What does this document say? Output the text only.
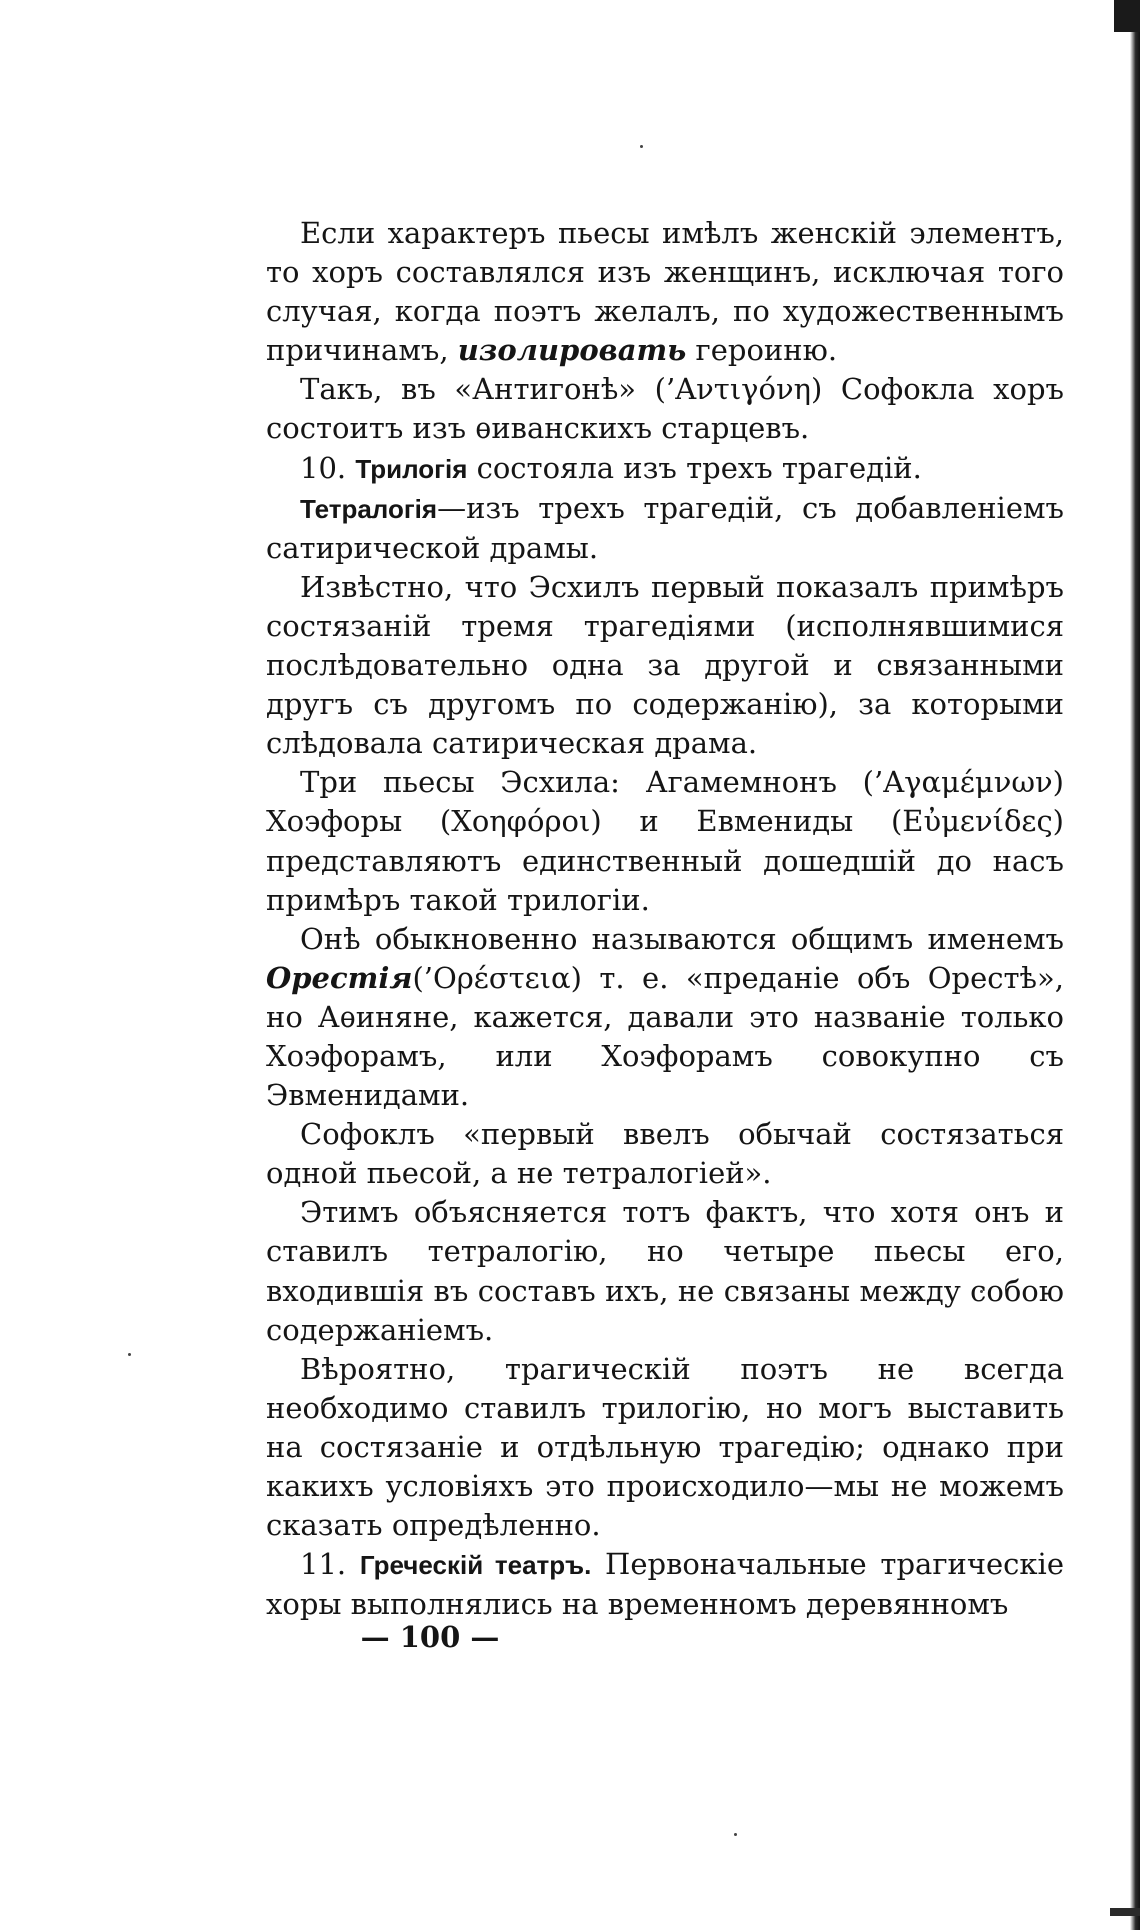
Если характеръ пьесы имѣлъ женскій элементъ, то хоръ составлялся изъ женщинъ, исключая того случая, когда поэтъ желалъ, по художественнымъ причинамъ, изолировать героиню.

Такъ, въ «Антигонѣ» (’Αντιγόνη) Софокла хоръ состоитъ изъ ѳиванскихъ старцевъ.

10. Трилогія состояла изъ трехъ трагедій.

Тетралогія—изъ трехъ трагедій, съ добавленіемъ сатирической драмы.

Извѣстно, что Эсхилъ первый показалъ примѣръ состязаній тремя трагедіями (исполнявшимися послѣдовательно одна за другой и связанными другъ съ другомъ по содержанію), за которыми слѣдовала сатирическая драма.

Три пьесы Эсхила: Агамемнонъ (’Αγαμέμνων) Хоэфоры (Χοηφόροι) и Евмениды (Εὐμενίδες) представляютъ единственный дошедшій до насъ примѣръ такой трилогіи.

Онѣ обыкновенно называются общимъ именемъ Орестія(’Ορέστεια) т. е. «преданіе объ Орестѣ», но Аѳиняне, кажется, давали это названіе только Хоэфорамъ, или Хоэфорамъ совокупно съ Эвменидами.

Софоклъ «первый ввелъ обычай состязаться одной пьесой, а не тетралогіей».

Этимъ объясняется тотъ фактъ, что хотя онъ и ставилъ тетралогію, но четыре пьесы его, входившія въ составъ ихъ, не связаны между собою содержаніемъ.

Вѣроятно, трагическій поэтъ не всегда необходимо ставилъ трилогію, но могъ выставить на состязаніе и отдѣльную трагедію; однако при какихъ условіяхъ это происходило—мы не можемъ сказать опредѣленно.

11. Греческій театръ. Первоначальные трагическіе хоры выполнялись на временномъ деревянномъ

— 100 —
